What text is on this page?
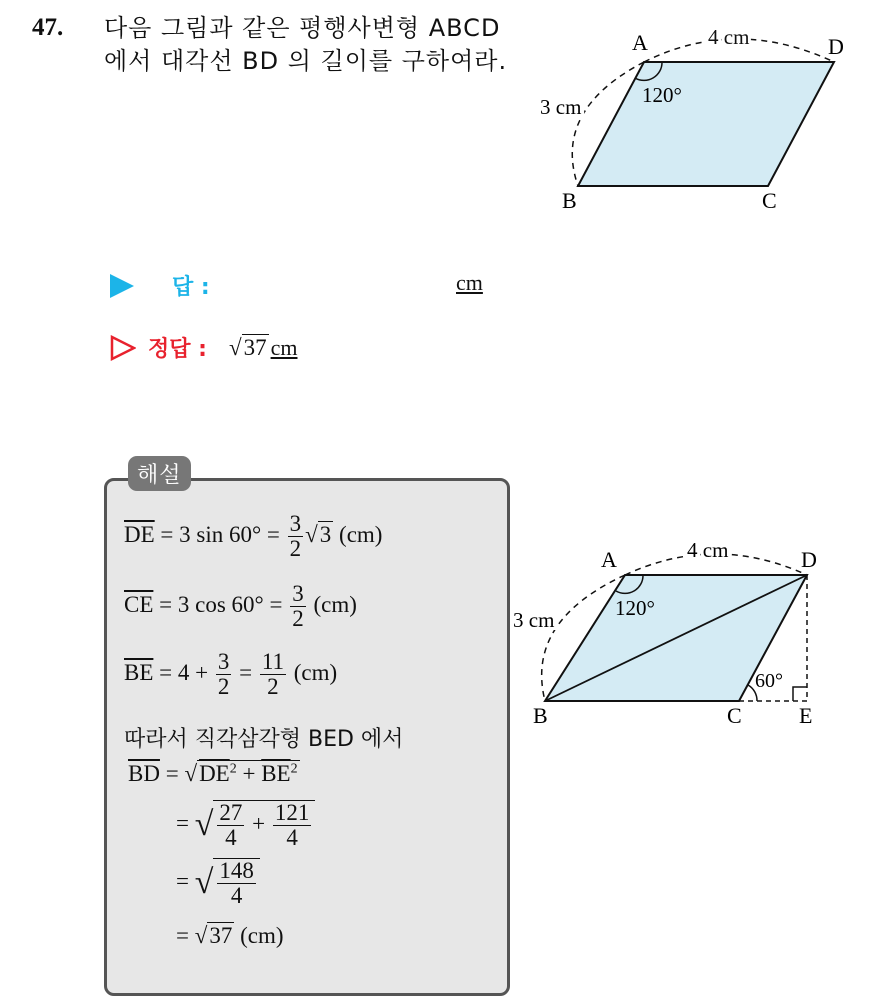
47. 다음 그림과 같은 평행사변형 ABCD 에서 대각선 BD 의 길이를 구하여라.
A	D
B	C
4 cm
3 cm	120°
답 :	cm
정답 : √37 cm
해설
$\overline{DE} = 3$ $\sin 60^\circ = \frac{3}{2} √3$ (cm)
$\overline{CE} = 3$ $\cos 60^\circ = \frac{3}{2} (cm)$
$\overline{BE} = 4 + \frac{3}{2} = \frac{11}{2} (cm)$
따라서 직각삼각형 BED 에서
$\overline{BD} = √DE^2 + \overline{BE}^2$
= √ $\frac{27}{4} + \frac{121}{4}$
= √ $\frac{148}{4}$
= √37 (cm)
A	D
B	C	E
4 cm
3 cm	120°
60°
